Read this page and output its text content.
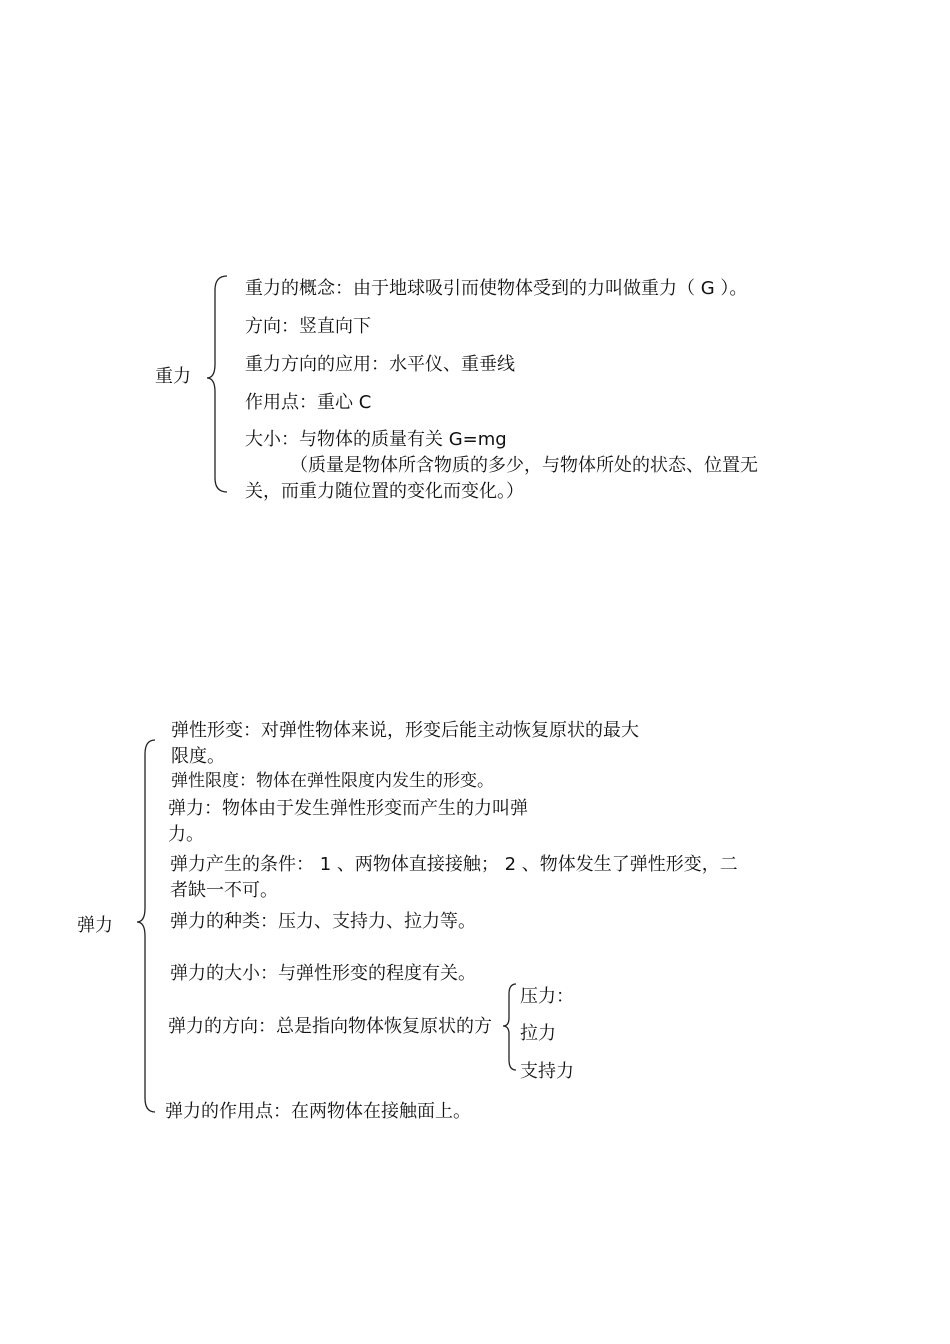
重力
重力的概念：由于地球吸引而使物体受到的力叫做重力（ G ）。
方向：竖直向下
重力方向的应用：水平仪、重垂线
作用点：重心 C
大小：与物体的质量有关 G=mg
（质量是物体所含物质的多少，与物体所处的状态、位置无
关，而重力随位置的变化而变化。）
弹力
弹性形变：对弹性物体来说，形变后能主动恢复原状的最大
限度。
弹性限度：物体在弹性限度内发生的形变。
弹力：物体由于发生弹性形变而产生的力叫弹
力。
弹力产生的条件： 1 、两物体直接接触； 2 、物体发生了弹性形变，二
者缺一不可。
弹力的种类：压力、支持力、拉力等。
弹力的大小：与弹性形变的程度有关。
弹力的方向：总是指向物体恢复原状的方
压力：
拉力
支持力
弹力的作用点：在两物体在接触面上。
